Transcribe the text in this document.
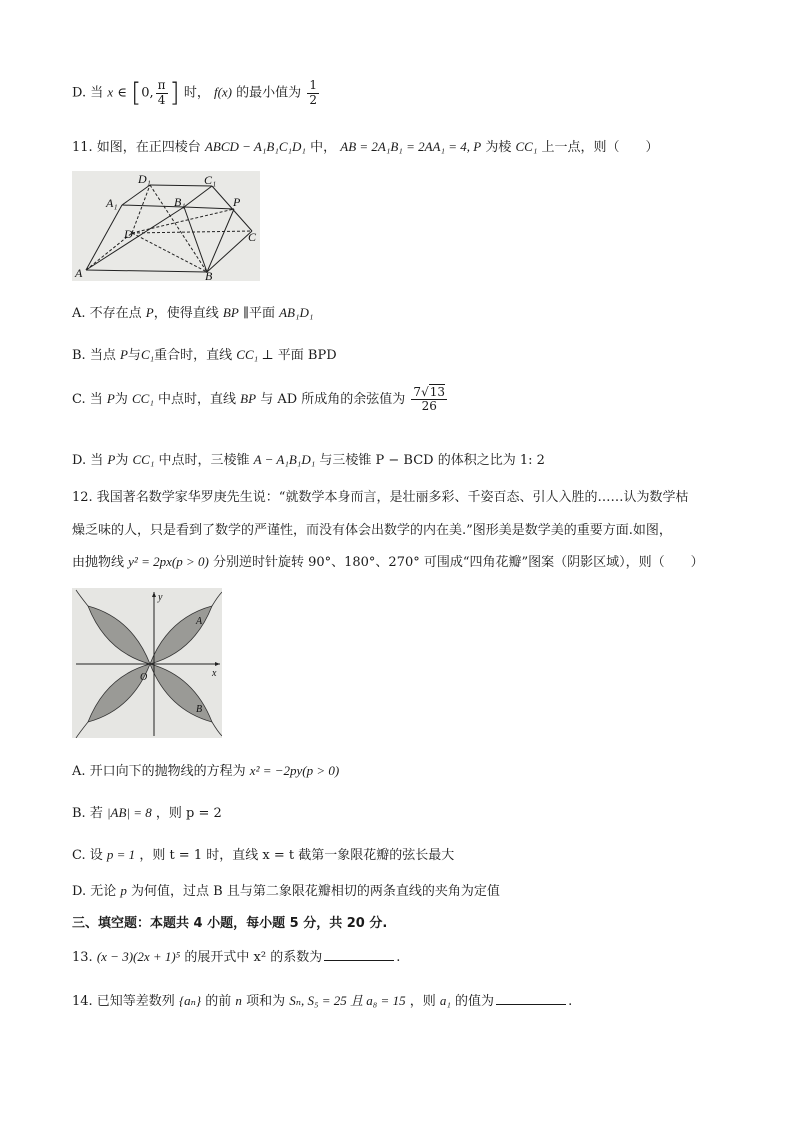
D. 当 x ∈ [0, $\frac{\pi}{4}$ ] 时， f(x) 的最小值为 $\frac{1}{2}$
11. 如图，在正四棱台 ABCD − A₁B₁C₁D₁ 中， AB = 2A₁B₁ = 2AA₁ = 4, P 为棱 CC₁ 上一点，则（　　）
D₁	C₁
A₁	B₁	P
D	C
A	B
A. 不存在点 P，使得直线 BP ∥平面 AB₁D₁
B. 当点 P与C₁重合时，直线 CC₁ ⊥ 平面 BPD
C. 当 P为 CC₁ 中点时，直线 BP 与 AD 所成角的余弦值为 $\frac{7√13}{26}$
D. 当 P为 CC₁ 中点时，三棱锥 A − A₁B₁D₁ 与三棱锥 P − BCD 的体积之比为 1: 2
12. 我国著名数学家华罗庚先生说：“就数学本身而言，是壮丽多彩、千姿百态、引人入胜的……认为数学枯
燥乏味的人，只是看到了数学的严谨性，而没有体会出数学的内在美.”图形美是数学美的重要方面.如图，
由抛物线 y² = 2px(p > 0) 分别逆时针旋转 90°、180°、270° 可围成“四角花瓣”图案（阴影区域），则（　　）
y
A
O	x
B
A. 开口向下的抛物线的方程为 x² = −2py(p > 0)
B. 若 |AB| = 8 ，则 p = 2
C. 设 p = 1 ，则 t = 1 时，直线 x = t 截第一象限花瓣的弦长最大
D. 无论 p 为何值，过点 B 且与第二象限花瓣相切的两条直线的夹角为定值
三、填空题：本题共 4 小题，每小题 5 分，共 20 分.
13. (x − 3)(2x + 1)⁵ 的展开式中 x² 的系数为	.
14. 已知等差数列 {aₙ} 的前 n 项和为 Sₙ, S₅ = 25 且 a₈ = 15 ，则 a₁ 的值为	.
